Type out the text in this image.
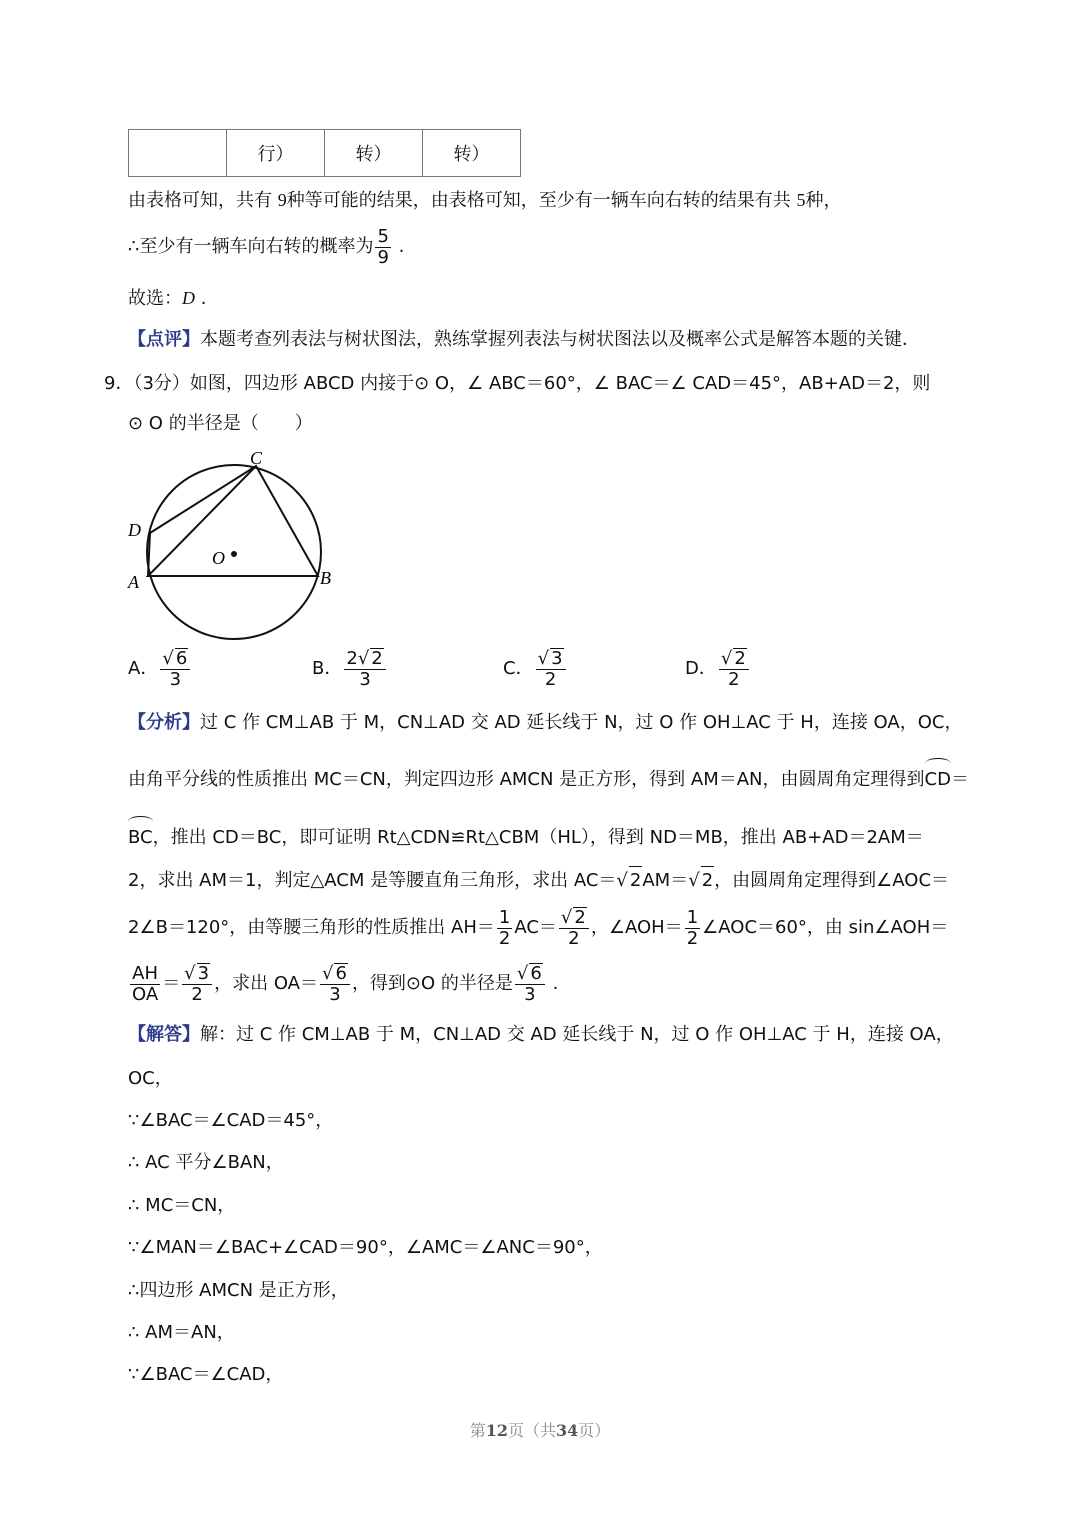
	行）	转）	转）
由表格可知，共有 9种等可能的结果，由表格可知，至少有一辆车向右转的结果有共 5种，
∴至少有一辆车向右转的概率为 $\frac{5}{9}$ .
故选：D .
【点评】本题考查列表法与树状图法，熟练掌握列表法与树状图法以及概率公式是解答本题的关键．
9．（3分）如图，四边形 ABCD 内接于⊙ O，∠ ABC＝60°，∠ BAC＝∠ CAD＝45°，AB+AD＝2，则
⊙ O 的半径是（　　）
C
D
A	B
O
A． $\frac{√ 6}{3}$	B． $\frac{2√ 2}{3}$	C． $\frac{√ 3}{2}$	D． $\frac{√ 2}{2}$
【分析】过 C 作 CM⊥AB 于 M，CN⊥AD 交 AD 延长线于 N，过 O 作 OH⊥AC 于 H，连接 OA，OC，
由角平分线的性质推出 MC＝CN，判定四边形 AMCN 是正方形，得到 AM＝AN，由圆周角定理得到CD＝
BC，推出 CD＝BC，即可证明 Rt△CDN≌Rt△CBM（HL），得到 ND＝MB，推出 AB+AD＝2AM＝
2，求出 AM＝1，判定△ACM 是等腰直角三角形，求出 AC＝√ 2AM＝√ 2，由圆周角定理得到∠AOC＝
2∠B＝120°，由等腰三角形的性质推出 $AH= \frac{1}{2} AC= \frac{√ 2}{2}$ ，∠AOH＝ $\frac{1}{2}$ ∠AOC＝60°，由 sin∠AOH＝
$\frac{AH}{OA} = \frac{√ 3}{2}$ ，求出 $OA= \frac{√ 6}{3}$ ，得到⊙O 的半径是 $\frac{√ 6}{3}$ .
【解答】解：过 C 作 CM⊥AB 于 M，CN⊥AD 交 AD 延长线于 N，过 O 作 OH⊥AC 于 H，连接 OA，
OC，
∵∠BAC＝∠CAD＝45°，
∴ AC 平分∠BAN，
∴ MC＝CN，
∵∠MAN＝∠BAC+∠CAD＝90°，∠AMC＝∠ANC＝90°，
∴四边形 AMCN 是正方形，
∴ AM＝AN，
∵∠BAC＝∠CAD，
第12页（共34页）
